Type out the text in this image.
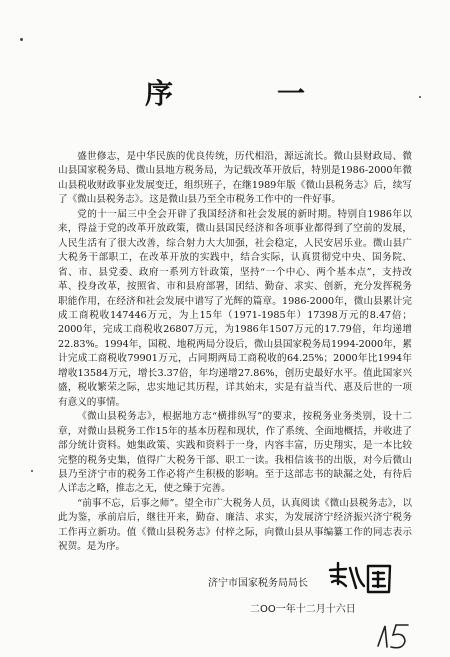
序　一

盛世修志，是中华民族的优良传统，历代相沿，源远流长。微山县财政局、微山县国家税务局、微山县地方税务局，为记载改革开放后，特别是1986-2000年微山县税收财政事业发展变迁，组织班子，在继1989年版《微山县税务志》后，续写了《微山县税务志》。这是微山县乃至全市税务工作中的一件好事。

党的十一届三中全会开辟了我国经济和社会发展的新时期。特别自1986年以来，得益于党的改革开放政策，微山县国民经济和各项事业都得到了空前的发展，人民生活有了很大改善，综合射力大大加强，社会稳定，人民安居乐业。微山县广大税务干部职工，在改革开放的实践中，结合实际，认真贯彻党中央、国务院、省、市、县党委、政府一系列方针政策，坚持“一个中心、两个基本点”，支持改革、投身改革，按照省、市和县府部署，团结、勤奋、求实、创新，充分发挥税务职能作用，在经济和社会发展中谱写了光辉的篇章。1986-2000年，微山县累计完成工商税收147446万元，为上15年（1971-1985年）17398万元的8.47倍；2000年，完成工商税收26807万元，为1986年1507万元的17.79倍，年均递增22.83%。1994年，国税、地税两局分设后，微山县国家税务局1994-2000年，累计完成工商税收79901万元，占同期两局工商税收的64.25%；2000年比1994年增收13584万元，增长3.37倍，年均递增27.86%，创历史最好水平。值此国家兴盛，税收繁荣之际，忠实地记其历程，详其始末，实是有益当代、惠及后世的一项有意义的事情。

《微山县税务志》，根据地方志“横排纵写”的要求，按税务业务类别，设十二章，对微山县税务工作15年的基本历程和现状，作了系统、全面地概括，并收进了部分统计资料。她集政策、实践和资料于一身，内容丰富，历史翔实，是一本比较完整的税务史集，值得广大税务干部、职工一读。我相信该书的出版，对今后微山县乃至济宁市的税务工作必将产生积极的影响。至于这部志书的缺漏之处，有待后人详志之略，推志之无，使之臻于完善。

“前事不忘，后事之师”。望全市广大税务人员，认真阅读《微山县税务志》，以此为鉴，承前启后，继往开来，勤奋、廉洁、求实，为发展济宁经济振兴济宁税务工作再立新功。值《微山县税务志》付梓之际，向微山县从事编纂工作的同志表示祝贺。是为序。

济宁市国家税务局局长
二OO一年十二月十六日
